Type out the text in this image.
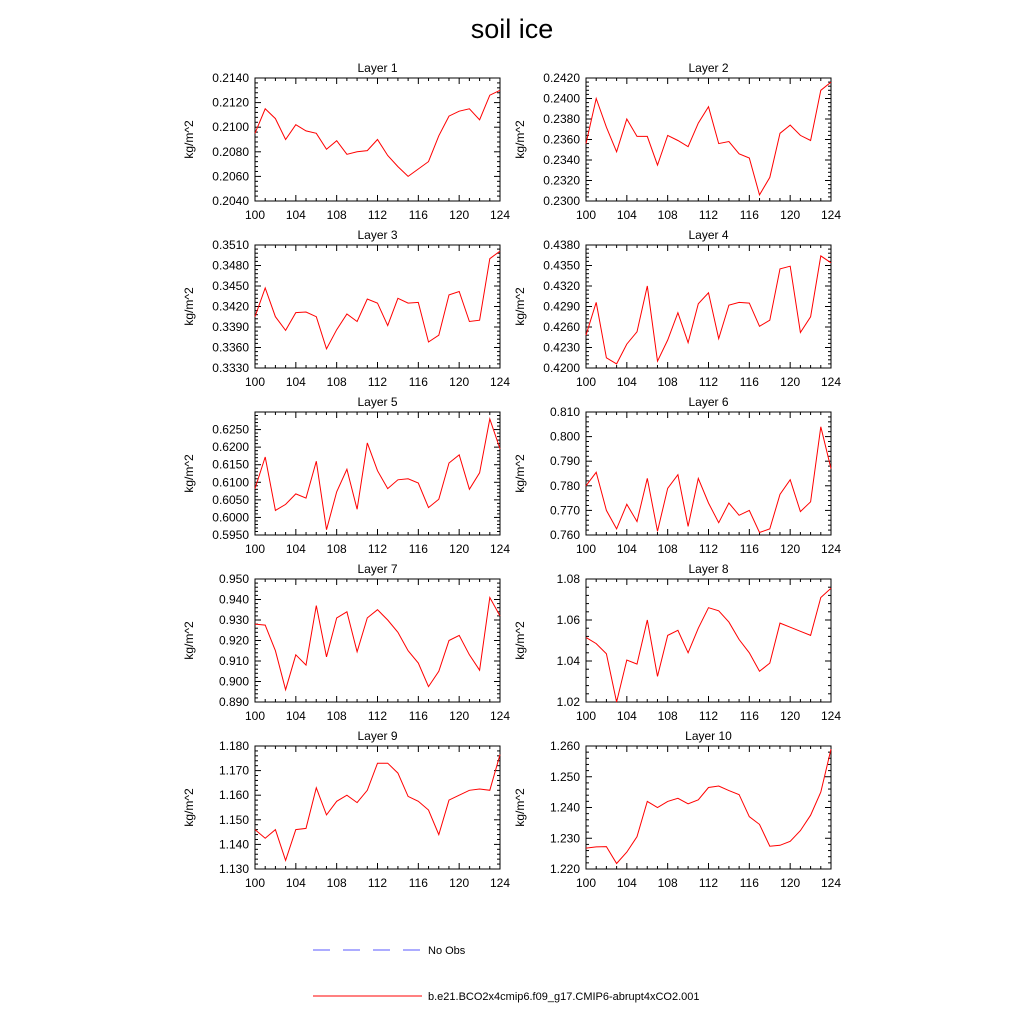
soil ice
Layer 1
kg/m^2
100 104 108 112 116 120 124
0.2040
0.2060
0.2080
0.2100
0.2120
0.2140
Layer 2
kg/m^2
100 104 108 112 116 120 124
0.2300
0.2320
0.2340
0.2360
0.2380
0.2400
0.2420
Layer 3
kg/m^2
100 104 108 112 116 120 124
0.3330
0.3360
0.3390
0.3420
0.3450
0.3480
0.3510
Layer 4
kg/m^2
100 104 108 112 116 120 124
0.4200
0.4230
0.4260
0.4290
0.4320
0.4350
0.4380
Layer 5
kg/m^2
100 104 108 112 116 120 124
0.5950
0.6000
0.6050
0.6100
0.6150
0.6200
0.6250
Layer 6
kg/m^2
100 104 108 112 116 120 124
0.760
0.770
0.780
0.790
0.800
0.810
Layer 7
kg/m^2
100 104 108 112 116 120 124
0.890
0.900
0.910
0.920
0.930
0.940
0.950
Layer 8
kg/m^2
100 104 108 112 116 120 124
1.02
1.04
1.06
1.08
Layer 9
kg/m^2
100 104 108 112 116 120 124
1.130
1.140
1.150
1.160
1.170
1.180
Layer 10
kg/m^2
100 104 108 112 116 120 124
1.220
1.230
1.240
1.250
1.260
No Obs
b.e21.BCO2x4cmip6.f09_g17.CMIP6-abrupt4xCO2.001
